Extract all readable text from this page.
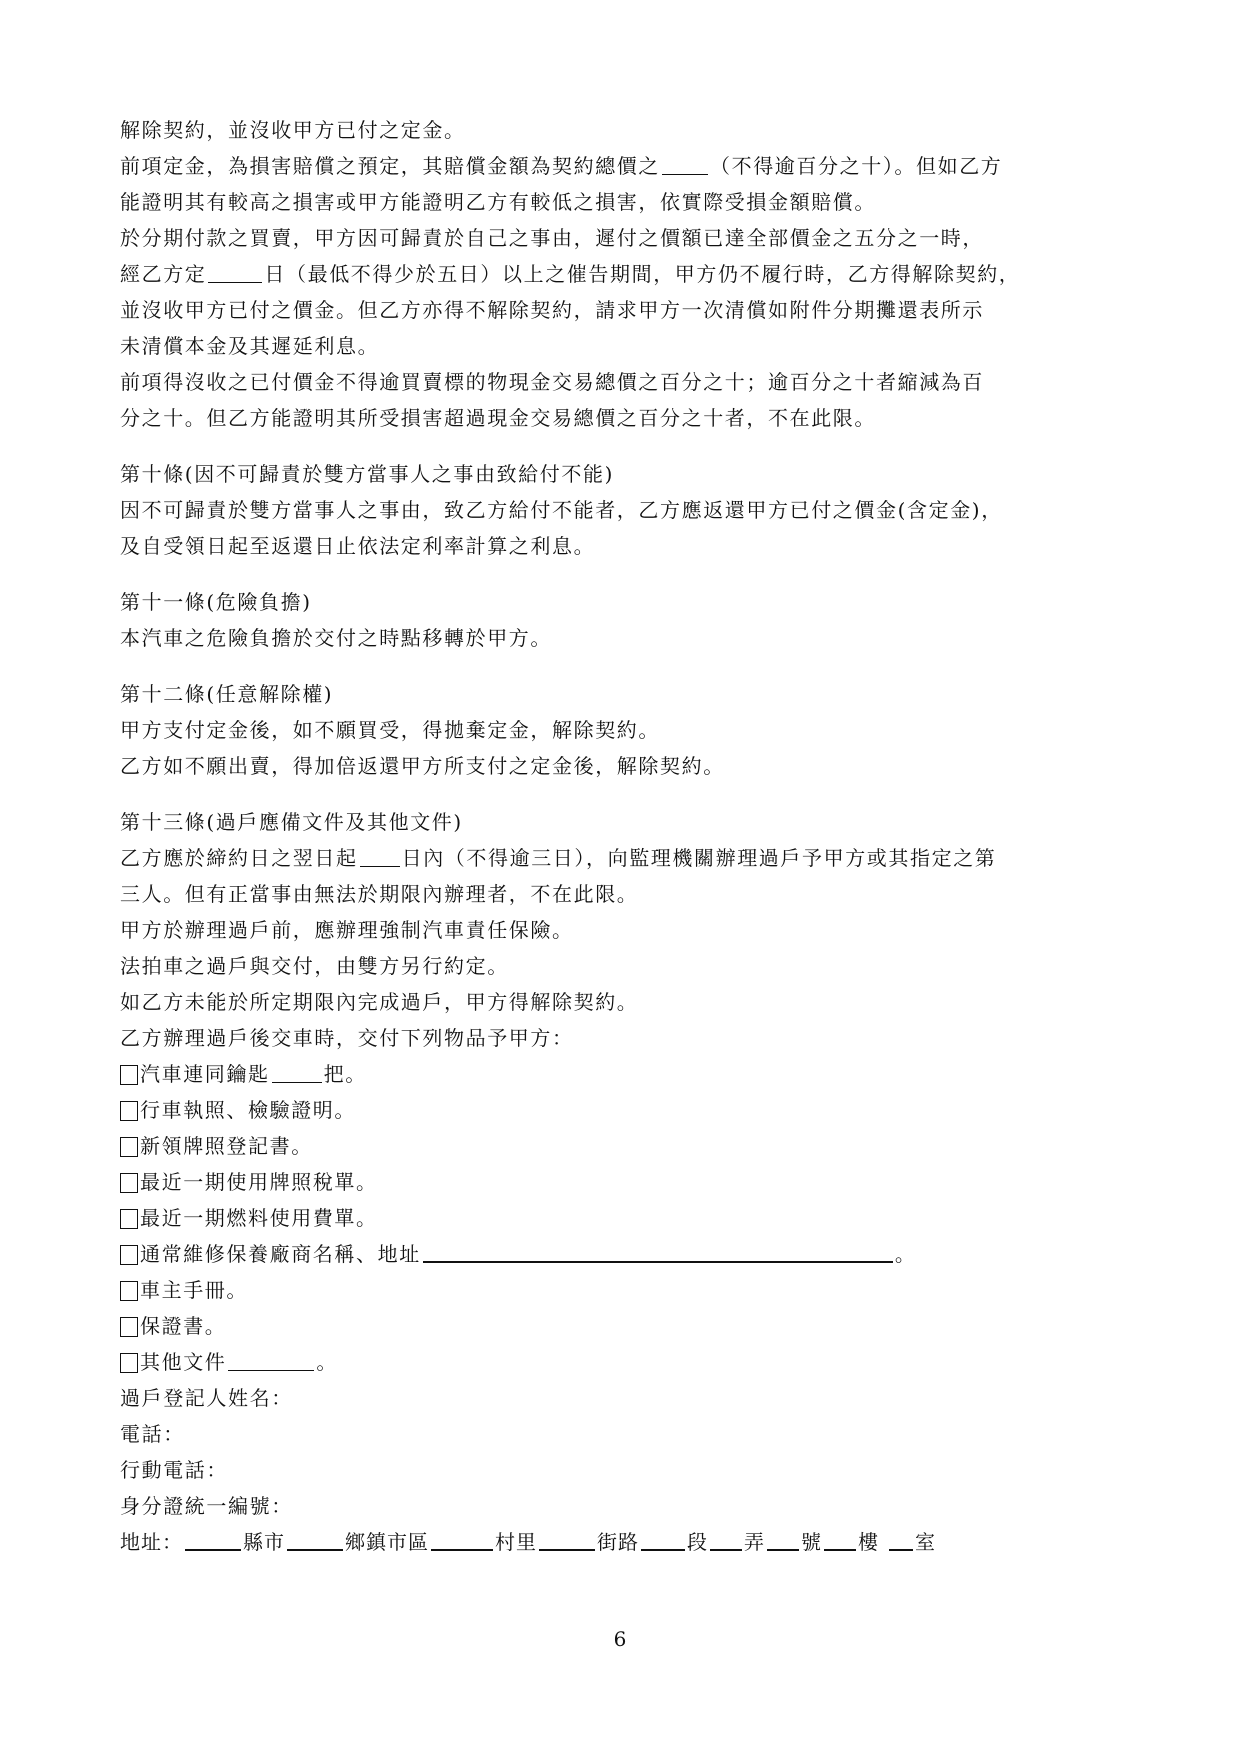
解除契約，並沒收甲方已付之定金。
前項定金，為損害賠償之預定，其賠償金額為契約總價之	（不得逾百分之十）。但如乙方
能證明其有較高之損害或甲方能證明乙方有較低之損害，依實際受損金額賠償。
於分期付款之買賣，甲方因可歸責於自己之事由，遲付之價額已達全部價金之五分之一時，
經乙方定	日（最低不得少於五日）以上之催告期間，甲方仍不履行時，乙方得解除契約，
並沒收甲方已付之價金。但乙方亦得不解除契約，請求甲方一次清償如附件分期攤還表所示
未清償本金及其遲延利息。
前項得沒收之已付價金不得逾買賣標的物現金交易總價之百分之十；逾百分之十者縮減為百
分之十。但乙方能證明其所受損害超過現金交易總價之百分之十者，不在此限。
第十條(因不可歸責於雙方當事人之事由致給付不能)
因不可歸責於雙方當事人之事由，致乙方給付不能者，乙方應返還甲方已付之價金(含定金)，
及自受領日起至返還日止依法定利率計算之利息。
第十一條(危險負擔)
本汽車之危險負擔於交付之時點移轉於甲方。
第十二條(任意解除權)
甲方支付定金後，如不願買受，得拋棄定金，解除契約。
乙方如不願出賣，得加倍返還甲方所支付之定金後，解除契約。
第十三條(過戶應備文件及其他文件)
乙方應於締約日之翌日起 日內（不得逾三日），向監理機關辦理過戶予甲方或其指定之第
三人。但有正當事由無法於期限內辦理者，不在此限。
甲方於辦理過戶前，應辦理強制汽車責任保險。
法拍車之過戶與交付，由雙方另行約定。
如乙方未能於所定期限內完成過戶，甲方得解除契約。
乙方辦理過戶後交車時，交付下列物品予甲方：
汽車連同鑰匙	把。
行車執照、檢驗證明。
新領牌照登記書。
最近一期使用牌照稅單。
最近一期燃料使用費單。
通常維修保養廠商名稱、地址	。
車主手冊。
保證書。
其他文件	。
過戶登記人姓名：
電話：
行動電話：
身分證統一編號：
地址：	縣市	鄉鎮市區	村里	街路 段 弄 號 樓 室
6
